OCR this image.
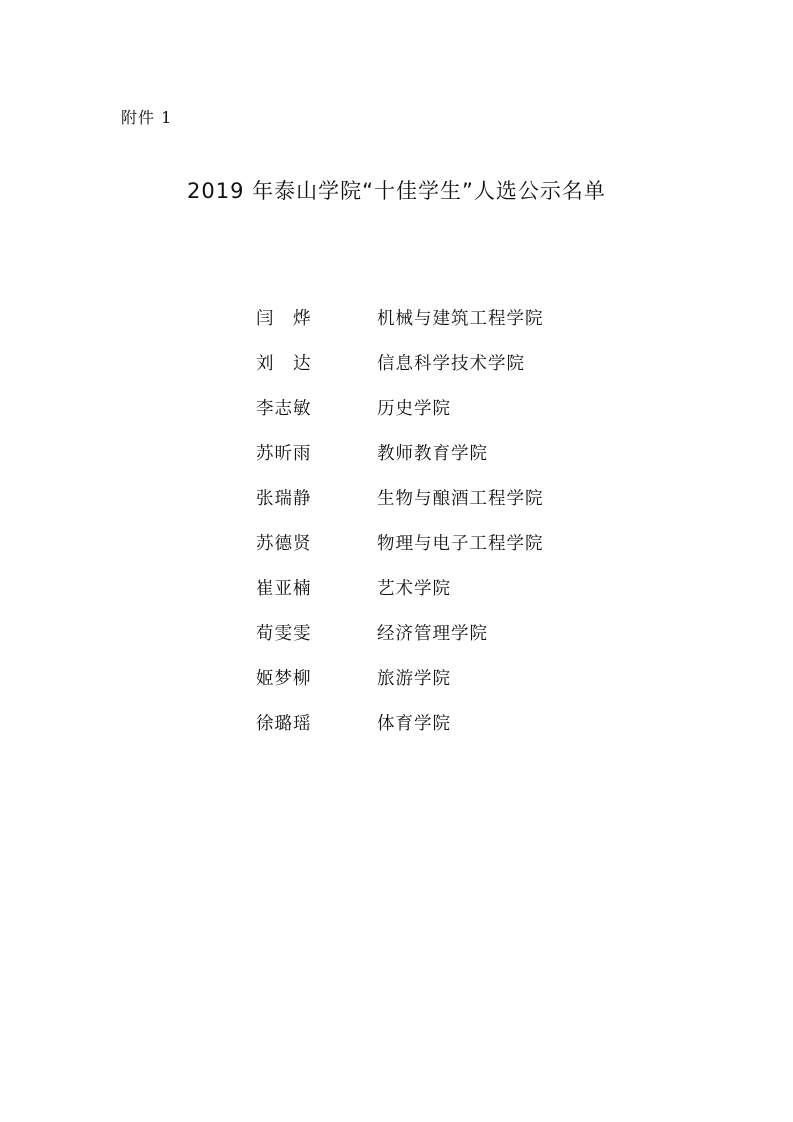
附件 1
2019 年泰山学院“十佳学生”人选公示名单
闫　烨	机械与建筑工程学院
刘　达	信息科学技术学院
李志敏	历史学院
苏昕雨	教师教育学院
张瑞静	生物与酿酒工程学院
苏德贤	物理与电子工程学院
崔亚楠	艺术学院
荀雯雯	经济管理学院
姬梦柳	旅游学院
徐璐瑶	体育学院
